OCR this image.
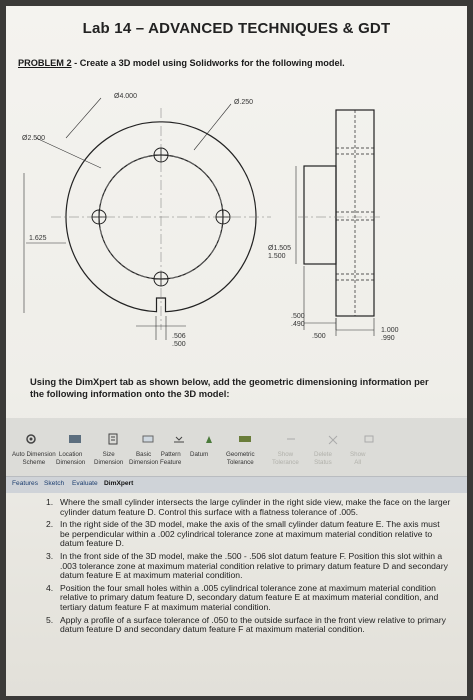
Lab 14 – ADVANCED TECHNIQUES & GDT
PROBLEM 2 - Create a 3D model using Solidworks for the following model.
Ø4.000
Ø2.500
Ø.250
1.625
.506 .500
Ø1.505 1.500
.500
1.000 .990
.500 .490
Using the DimXpert tab as shown below, add the geometric dimensioning information per the following information onto the 3D model:
Auto Dimension
Scheme
Location
Dimension
Size
Dimension
Basic
Dimension
Pattern
Feature
Datum	Geometric
Tolerance
Show
Tolerance
Delete
Status
Show
All
Features Sketch Evaluate DimXpert
1. Where the small cylinder intersects the large cylinder in the right side view, make the face on the larger cylinder datum feature D. Control this surface with a flatness tolerance of .005.
2. In the right side of the 3D model, make the axis of the small cylinder datum feature E. The axis must be perpendicular within a .002 cylindrical tolerance zone at maximum material condition relative to datum feature D.
3. In the front side of the 3D model, make the .500 - .506 slot datum feature F. Position this slot within a .003 tolerance zone at maximum material condition relative to primary datum feature D and secondary datum feature E at maximum material condition.
4. Position the four small holes within a .005 cylindrical tolerance zone at maximum material condition relative to primary datum feature D, secondary datum feature E at maximum material condition, and tertiary datum feature F at maximum material condition.
5. Apply a profile of a surface tolerance of .050 to the outside surface in the front view relative to primary datum feature D and secondary datum feature F at maximum material condition.
